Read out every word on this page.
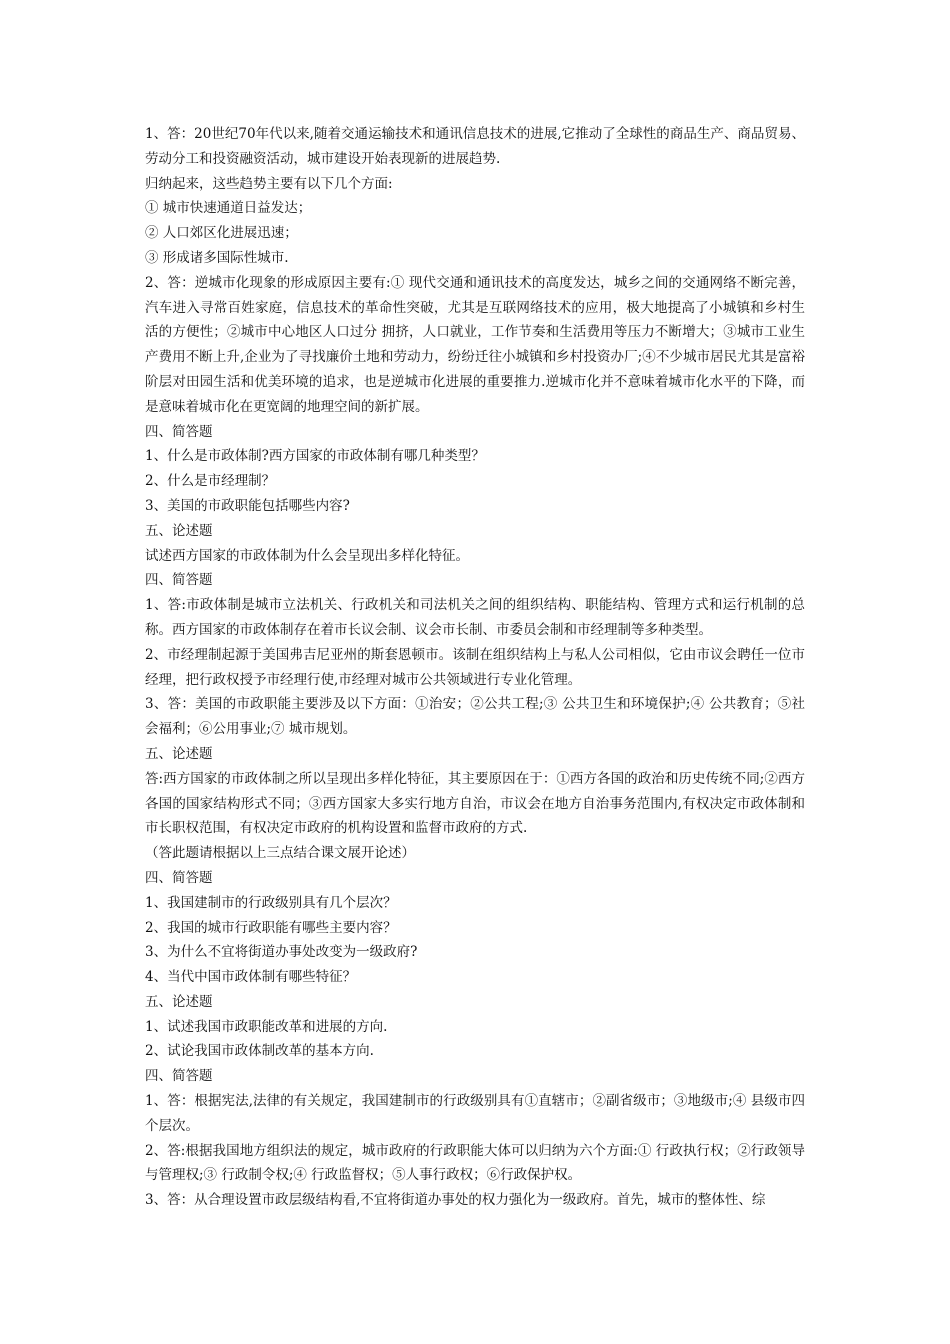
1、答：20世纪70年代以来,随着交通运输技术和通讯信息技术的进展,它推动了全球性的商品生产、商品贸易、劳动分工和投资融资活动，城市建设开始表现新的进展趋势.

归纳起来，这些趋势主要有以下几个方面:

① 城市快速通道日益发达；

② 人口郊区化进展迅速；

③ 形成诸多国际性城市.

2、答：逆城市化现象的形成原因主要有:① 现代交通和通讯技术的高度发达，城乡之间的交通网络不断完善，汽车进入寻常百姓家庭，信息技术的革命性突破，尤其是互联网络技术的应用，极大地提高了小城镇和乡村生活的方便性；②城市中心地区人口过分 拥挤，人口就业，工作节奏和生活费用等压力不断增大；③城市工业生产费用不断上升,企业为了寻找廉价土地和劳动力，纷纷迁往小城镇和乡村投资办厂;④不少城市居民尤其是富裕阶层对田园生活和优美环境的追求，也是逆城市化进展的重要推力.逆城市化并不意味着城市化水平的下降，而是意味着城市化在更宽阔的地理空间的新扩展。

四、简答题

1、什么是市政体制?西方国家的市政体制有哪几种类型？

2、什么是市经理制？

3、美国的市政职能包括哪些内容?

五、论述题

试述西方国家的市政体制为什么会呈现出多样化特征。

四、简答题

1、答:市政体制是城市立法机关、行政机关和司法机关之间的组织结构、职能结构、管理方式和运行机制的总称。西方国家的市政体制存在着市长议会制、议会市长制、市委员会制和市经理制等多种类型。

2、市经理制起源于美国弗吉尼亚州的斯套恩顿市。该制在组织结构上与私人公司相似，它由市议会聘任一位市经理，把行政权授予市经理行使,市经理对城市公共领域进行专业化管理。

3、答：美国的市政职能主要涉及以下方面：①治安；②公共工程;③ 公共卫生和环境保护;④ 公共教育；⑤社会福利；⑥公用事业;⑦ 城市规划。

五、论述题

答:西方国家的市政体制之所以呈现出多样化特征，其主要原因在于：①西方各国的政治和历史传统不同;②西方各国的国家结构形式不同；③西方国家大多实行地方自治，市议会在地方自治事务范围内,有权决定市政体制和市长职权范围，有权决定市政府的机构设置和监督市政府的方式.

（答此题请根据以上三点结合课文展开论述）

四、简答题

1、我国建制市的行政级别具有几个层次？

2、我国的城市行政职能有哪些主要内容？

3、为什么不宜将街道办事处改变为一级政府?

4、当代中国市政体制有哪些特征？

五、论述题

1、试述我国市政职能改革和进展的方向.

2、试论我国市政体制改革的基本方向.

四、简答题

1、答：根据宪法,法律的有关规定，我国建制市的行政级别具有①直辖市；②副省级市；③地级市;④ 县级市四个层次。

2、答:根据我国地方组织法的规定，城市政府的行政职能大体可以归纳为六个方面:① 行政执行权；②行政领导与管理权;③ 行政制令权;④ 行政监督权；⑤人事行政权；⑥行政保护权。

3、答：从合理设置市政层级结构看,不宜将街道办事处的权力强化为一级政府。首先，城市的整体性、综
